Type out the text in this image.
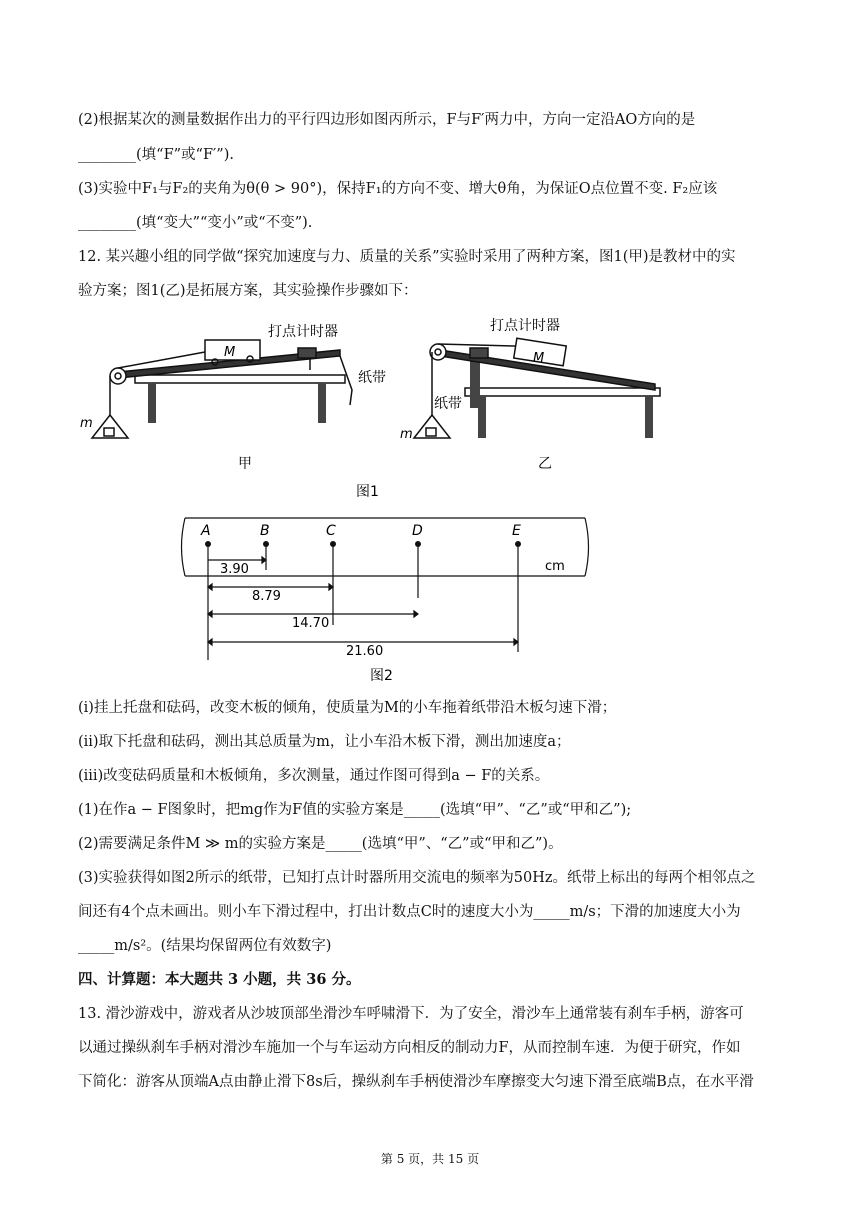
(2)根据某次的测量数据作出力的平行四边形如图丙所示，F与F′两力中，方向一定沿AO方向的是
________(填“F”或“F′”).
(3)实验中F₁与F₂的夹角为θ(θ > 90°)，保持F₁的方向不变、增大θ角，为保证O点位置不变. F₂应该
________(填“变大”“变小”或“不变”).
12. 某兴趣小组的同学做“探究加速度与力、质量的关系”实验时采用了两种方案，图1(甲)是教材中的实
验方案；图1(乙)是拓展方案，其实验操作步骤如下：
打点计时器
M
纸带
m
甲
打点计时器
M
纸带
m
乙
图1
A	B	C	D	E
cm
3.90
8.79
14.70
21.60
图2
(i)挂上托盘和砝码，改变木板的倾角，使质量为M的小车拖着纸带沿木板匀速下滑；
(ii)取下托盘和砝码，测出其总质量为m，让小车沿木板下滑，测出加速度a；
(iii)改变砝码质量和木板倾角，多次测量，通过作图可得到a − F的关系。
(1)在作a − F图象时，把mg作为F值的实验方案是_____(选填“甲”、“乙”或“甲和乙”);
(2)需要满足条件M ≫ m的实验方案是_____(选填“甲”、“乙”或“甲和乙”)。
(3)实验获得如图2所示的纸带，已知打点计时器所用交流电的频率为50Hz。纸带上标出的每两个相邻点之
间还有4个点未画出。则小车下滑过程中，打出计数点C时的速度大小为_____m/s；下滑的加速度大小为
_____m/s²。(结果均保留两位有效数字)
四、计算题：本大题共 3 小题，共 36 分。
13. 滑沙游戏中，游戏者从沙坡顶部坐滑沙车呼啸滑下．为了安全，滑沙车上通常装有刹车手柄，游客可
以通过操纵刹车手柄对滑沙车施加一个与车运动方向相反的制动力F，从而控制车速．为便于研究，作如
下简化：游客从顶端A点由静止滑下8s后，操纵刹车手柄使滑沙车摩擦变大匀速下滑至底端B点，在水平滑
第 5 页，共 15 页
